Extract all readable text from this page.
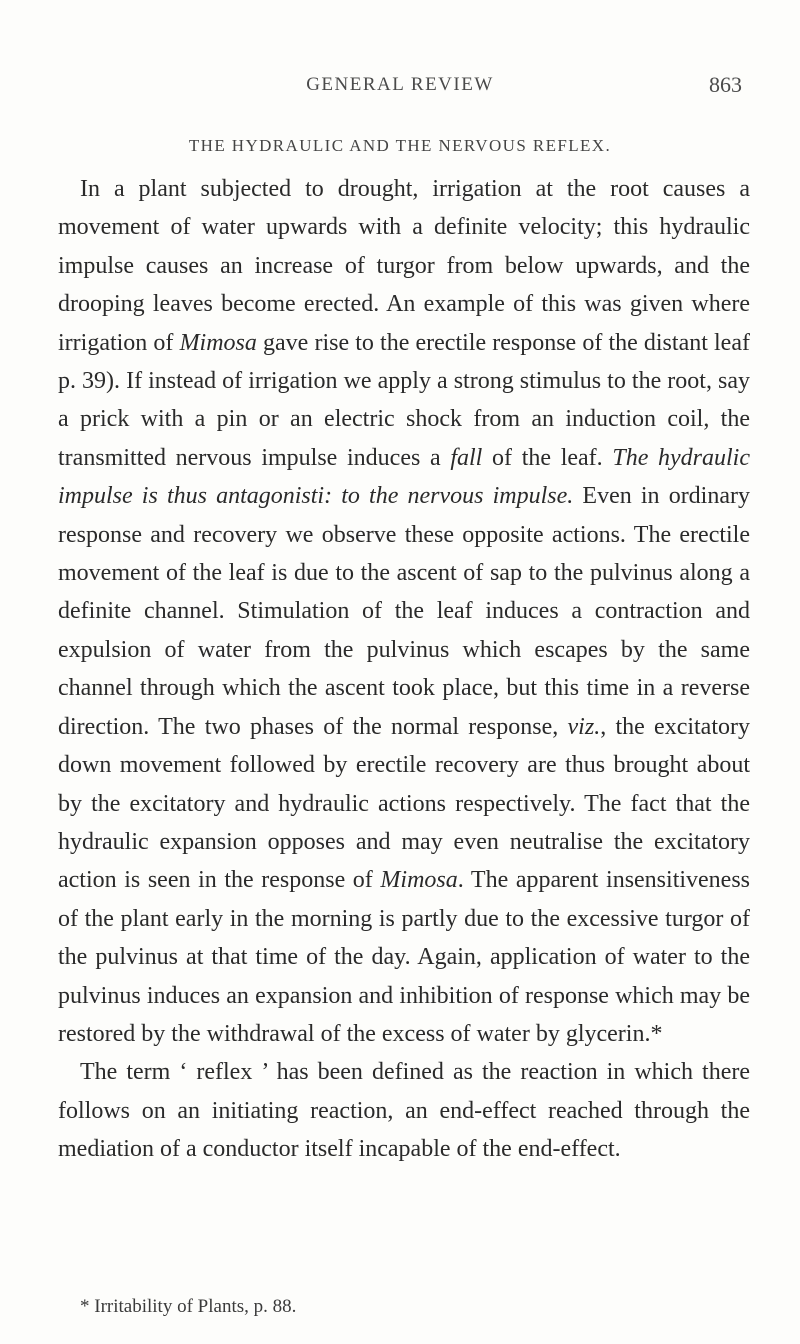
GENERAL REVIEW	863
THE HYDRAULIC AND THE NERVOUS REFLEX.

In a plant subjected to drought, irrigation at the root causes a movement of water upwards with a definite velocity; this hydraulic impulse causes an increase of turgor from below upwards, and the drooping leaves become erected. An example of this was given where irrigation of Mimosa gave rise to the erectile response of the distant leaf p. 39). If instead of irrigation we apply a strong stimulus to the root, say a prick with a pin or an electric shock from an induction coil, the transmitted nervous impulse induces a fall of the leaf. The hydraulic impulse is thus antagonisti: to the nervous impulse. Even in ordinary response and recovery we observe these opposite actions. The erectile movement of the leaf is due to the ascent of sap to the pulvinus along a definite channel. Stimulation of the leaf induces a contraction and expulsion of water from the pulvinus which escapes by the same channel through which the ascent took place, but this time in a reverse direction. The two phases of the normal response, viz., the excitatory down movement followed by erectile recovery are thus brought about by the excitatory and hydraulic actions respectively. The fact that the hydraulic expansion opposes and may even neutralise the excitatory action is seen in the response of Mimosa. The apparent insensitiveness of the plant early in the morning is partly due to the excessive turgor of the pulvinus at that time of the day. Again, application of water to the pulvinus induces an expansion and inhibition of response which may be restored by the withdrawal of the excess of water by glycerin.*

The term ‘ reflex ’ has been defined as the reaction in which there follows on an initiating reaction, an end-effect reached through the mediation of a conductor itself incapable of the end-effect.

* Irritability of Plants, p. 88.
